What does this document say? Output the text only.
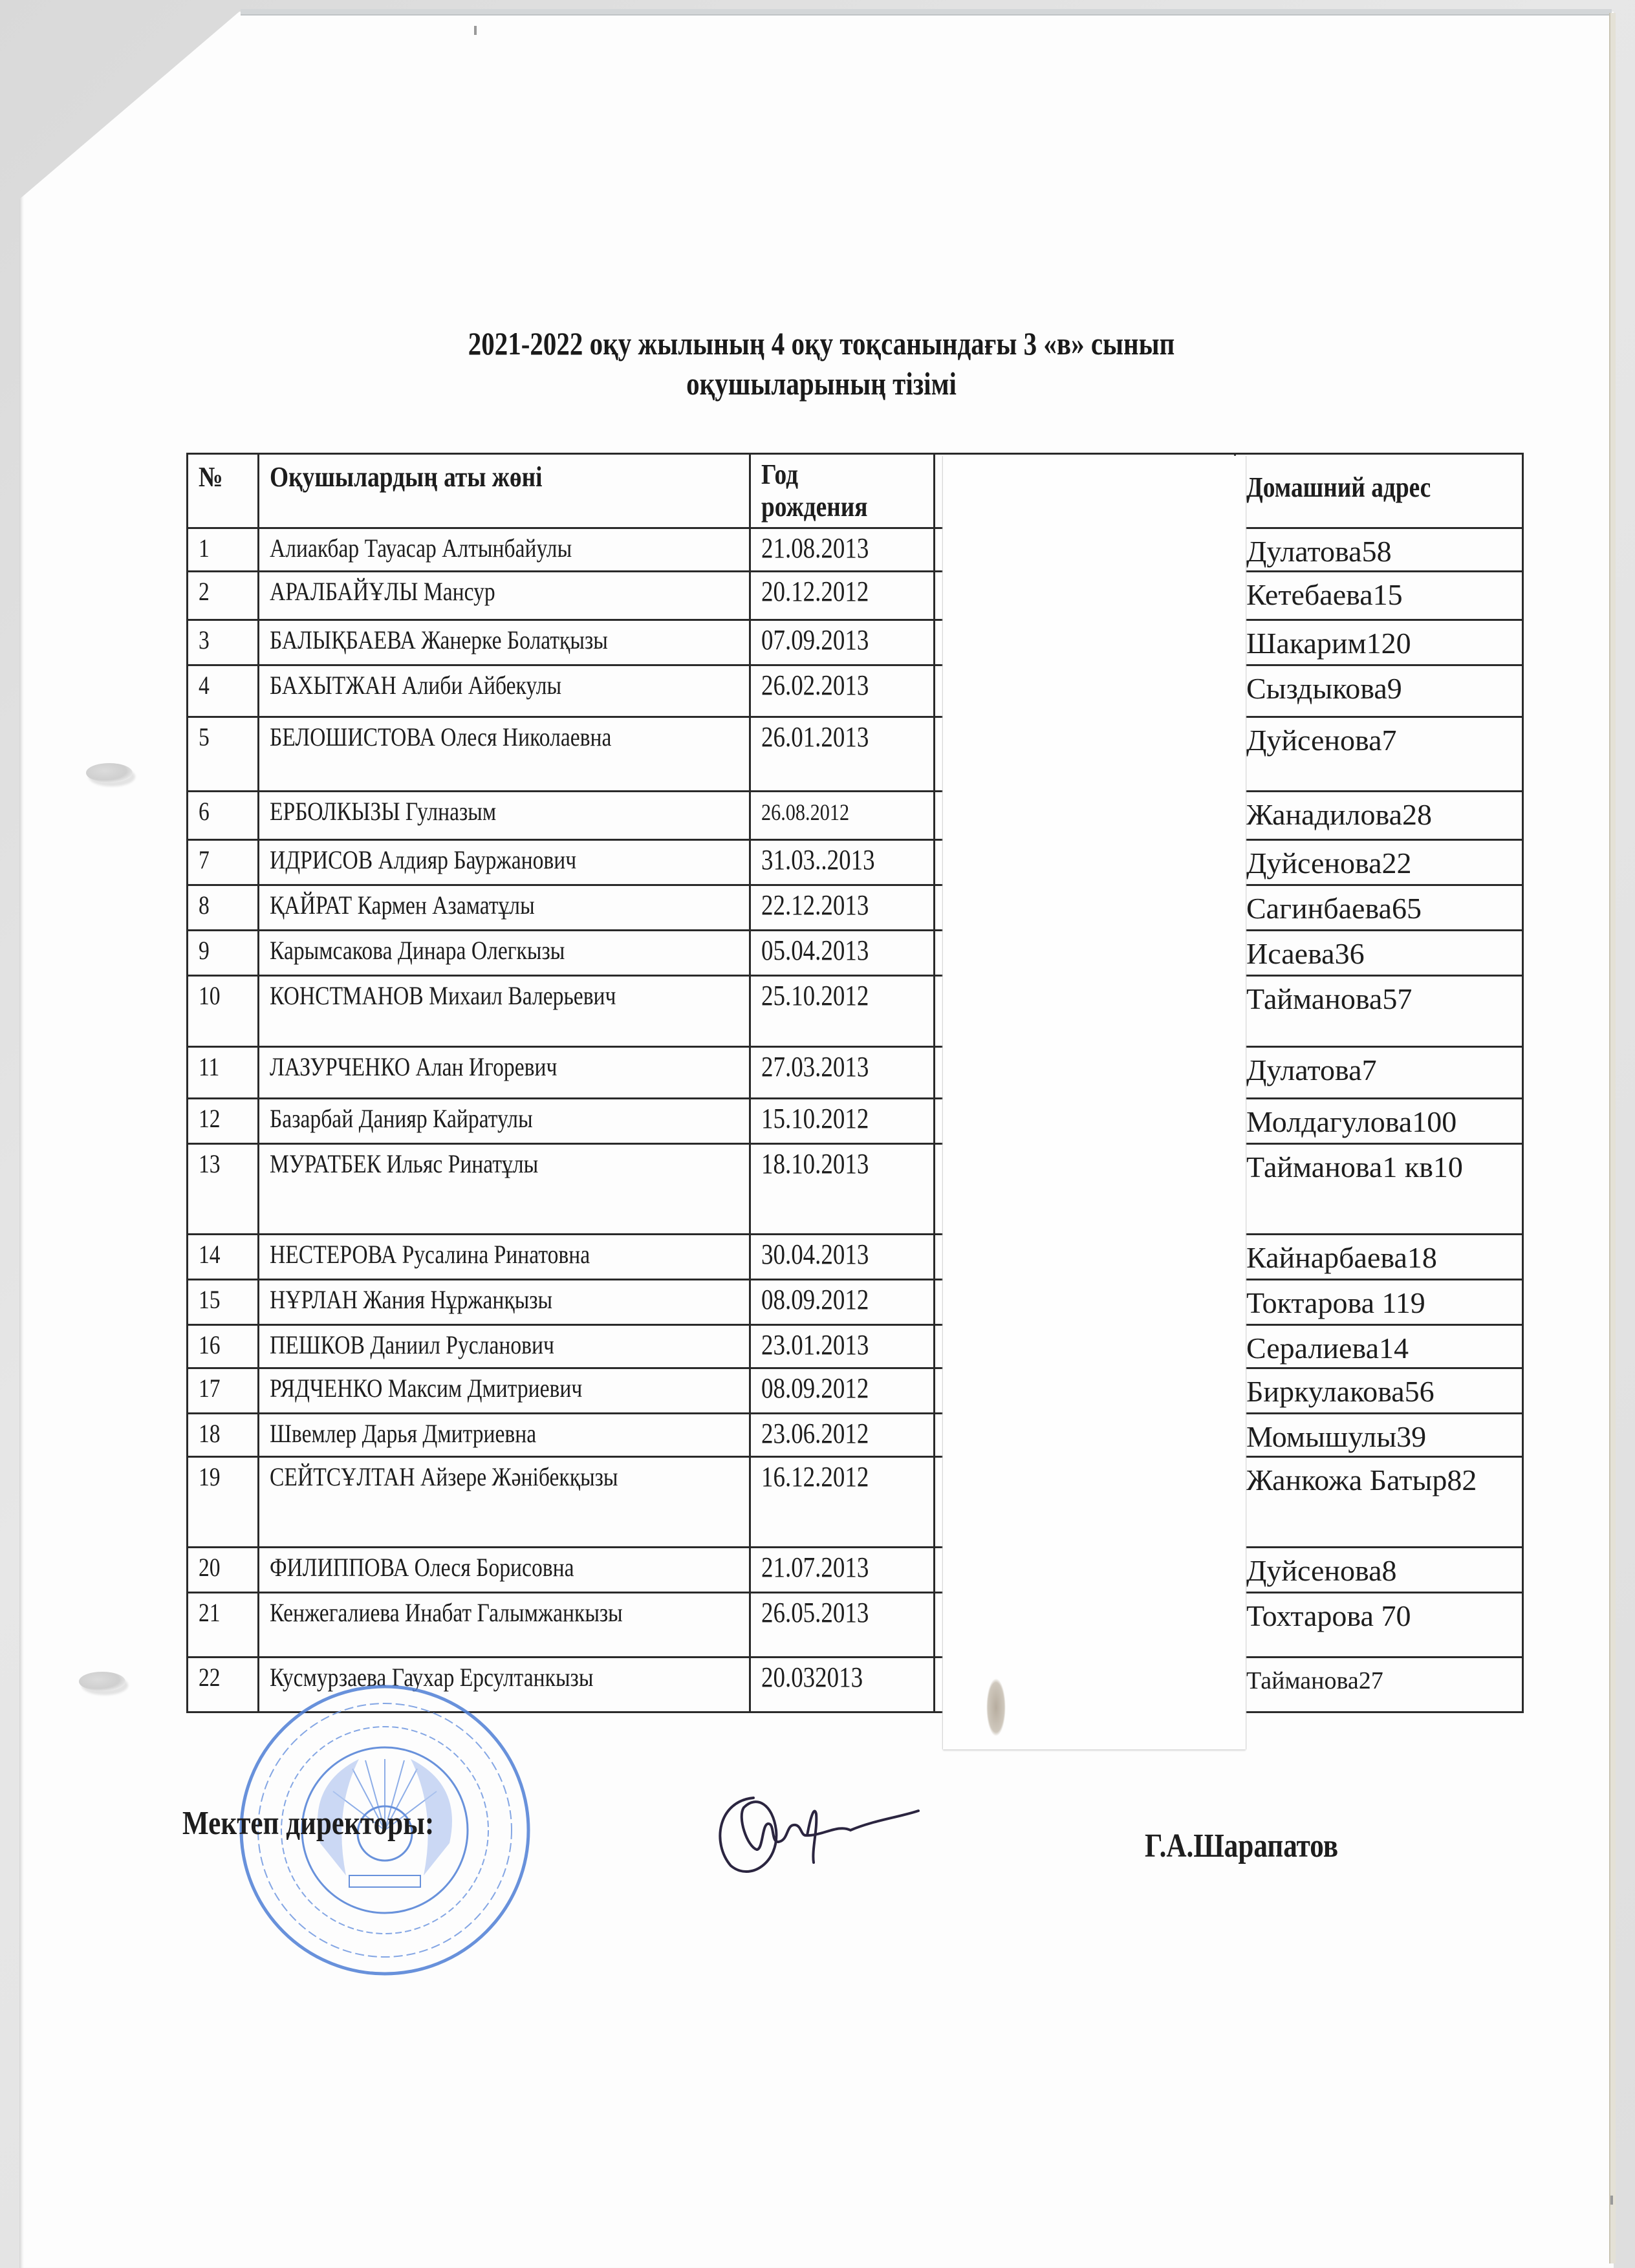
2021-2022 оқу жылының 4 оқу тоқсанындағы 3 «в» сынып
оқушыларының тізімі
№	Оқушылардың аты жөні	Год
рождения		Домашний адрес
1	Алиакбар Тауасар Алтынбайулы	21.08.2013		Дулатова58
2	АРАЛБАЙҰЛЫ Мансур	20.12.2012		Кетебаева15
3	БАЛЫҚБАЕВА Жанерке Болатқызы	07.09.2013		Шакарим120
4	БАХЫТЖАН Алиби Айбекулы	26.02.2013		Сыздыкова9
5	БЕЛОШИСТОВА Олеся Николаевна	26.01.2013		Дуйсенова7
6	ЕРБОЛКЫЗЫ Гулназым	26.08.2012		Жанадилова28
7	ИДРИСОВ Алдияр Бауржанович	31.03..2013		Дуйсенова22
8	ҚАЙРАТ Кармен Азаматұлы	22.12.2013		Сагинбаева65
9	Карымсакова Динара Олегкызы	05.04.2013		Исаева36
10	КОНСТМАНОВ Михаил Валерьевич	25.10.2012		Тайманова57
11	ЛАЗУРЧЕНКО Алан Игоревич	27.03.2013		Дулатова7
12	Базарбай Данияр Кайратулы	15.10.2012		Молдагулова100
13	МУРАТБЕК Ильяс Ринатұлы	18.10.2013		Тайманова1 кв10
14	НЕСТЕРОВА Русалина Ринатовна	30.04.2013		Кайнарбаева18
15	НҰРЛАН Жания Нұржанқызы	08.09.2012		Токтарова 119
16	ПЕШКОВ Даниил Русланович	23.01.2013		Сералиева14
17	РЯДЧЕНКО Максим Дмитриевич	08.09.2012		Биркулакова56
18	Швемлер Дарья Дмитриевна	23.06.2012		Момышулы39
19	СЕЙТСҰЛТАН Айзере Жәнібекқызы	16.12.2012		Жанкожа Батыр82
20	ФИЛИППОВА Олеся Борисовна	21.07.2013		Дуйсенова8
21	Кенжегалиева Инабат Галымжанкызы	26.05.2013		Тохтарова 70
22	Кусмурзаева Гаухар Ерсултанкызы	20.032013		Тайманова27
Мектеп директоры:
Г.А.Шарапатов
